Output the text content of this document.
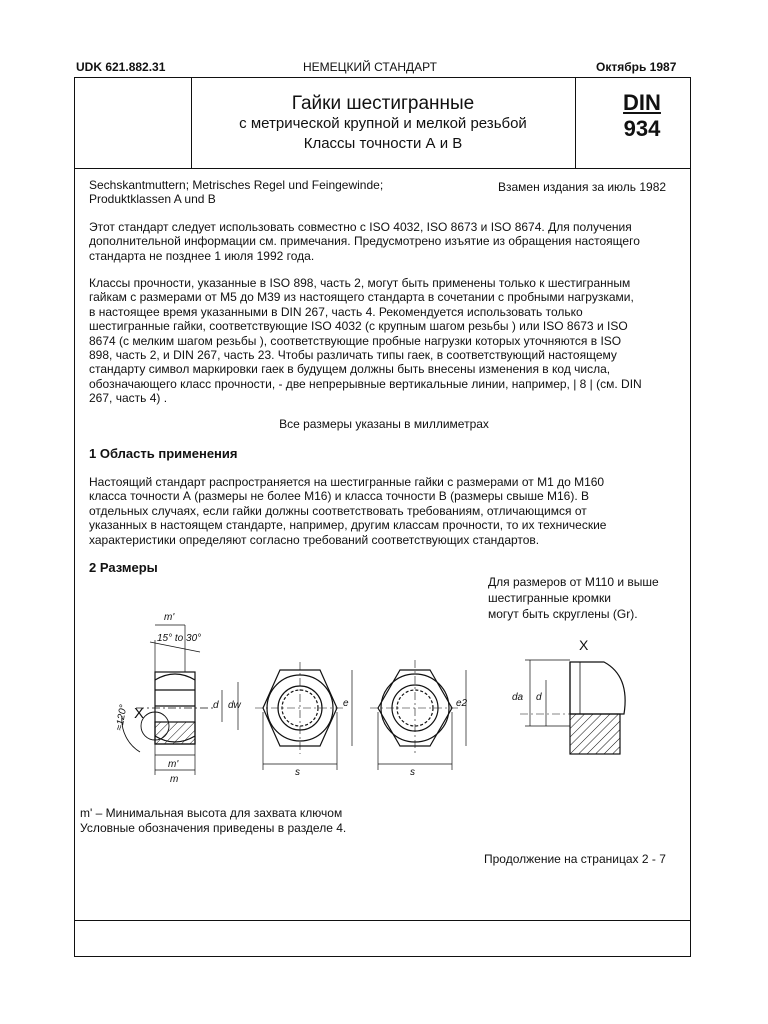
UDK 621.882.31	НЕМЕЦКИЙ СТАНДАРТ	Октябрь 1987
Гайки шестигранные
с метрической крупной и мелкой резьбой
Классы точности А и В
DIN
934
Sechskantmuttern; Metrisches Regel und Feingewinde;
Produktklassen A und B
Взамен издания за июль 1982
Этот стандарт следует использовать совместно с ISO 4032, ISO 8673 и ISO 8674. Для получения
дополнительной информации см. примечания. Предусмотрено изъятие из обращения настоящего
стандарта не позднее 1 июля 1992 года.
Классы прочности, указанные в ISO 898, часть 2, могут быть применены только к шестигранным
гайкам с размерами от М5 до М39 из настоящего стандарта в сочетании с пробными нагрузками,
в настоящее время указанными в DIN 267, часть 4. Рекомендуется использовать только
шестигранные гайки, соответствующие ISO 4032 (с крупным шагом резьбы ) или ISO 8673 и ISO
8674 (с мелким шагом резьбы ), соответствующие пробные нагрузки которых уточняются в ISO
898, часть 2, и DIN 267, часть 23. Чтобы различать типы гаек, в соответствующий настоящему
стандарту символ маркировки гаек в будущем должны быть внесены изменения в код числа,
обозначающего класс прочности, - две непрерывные вертикальные линии, например, | 8 | (см. DIN
267, часть 4) .
Все размеры указаны в миллиметрах
1 Область применения
Настоящий стандарт распространяется на шестигранные гайки с размерами от М1 до М160
класса точности А (размеры не более М16) и класса точности В (размеры свыше М16). В
отдельных случаях, если гайки должны соответствовать требованиям, отличающимся от
указанных в настоящем стандарте, например, другим классам прочности, то их технические
характеристики определяют согласно требований соответствующих стандартов.
2 Размеры
Для размеров от М110 и выше
шестигранные кромки
могут быть скруглены (Gr).
m'
15° to 30°
≈120° X	d dw
m'
m
e
s
e2
s
da d
X
m' – Минимальная высота для захвата ключом
Условные обозначения приведены в разделе 4.
Продолжение на страницах 2 - 7
